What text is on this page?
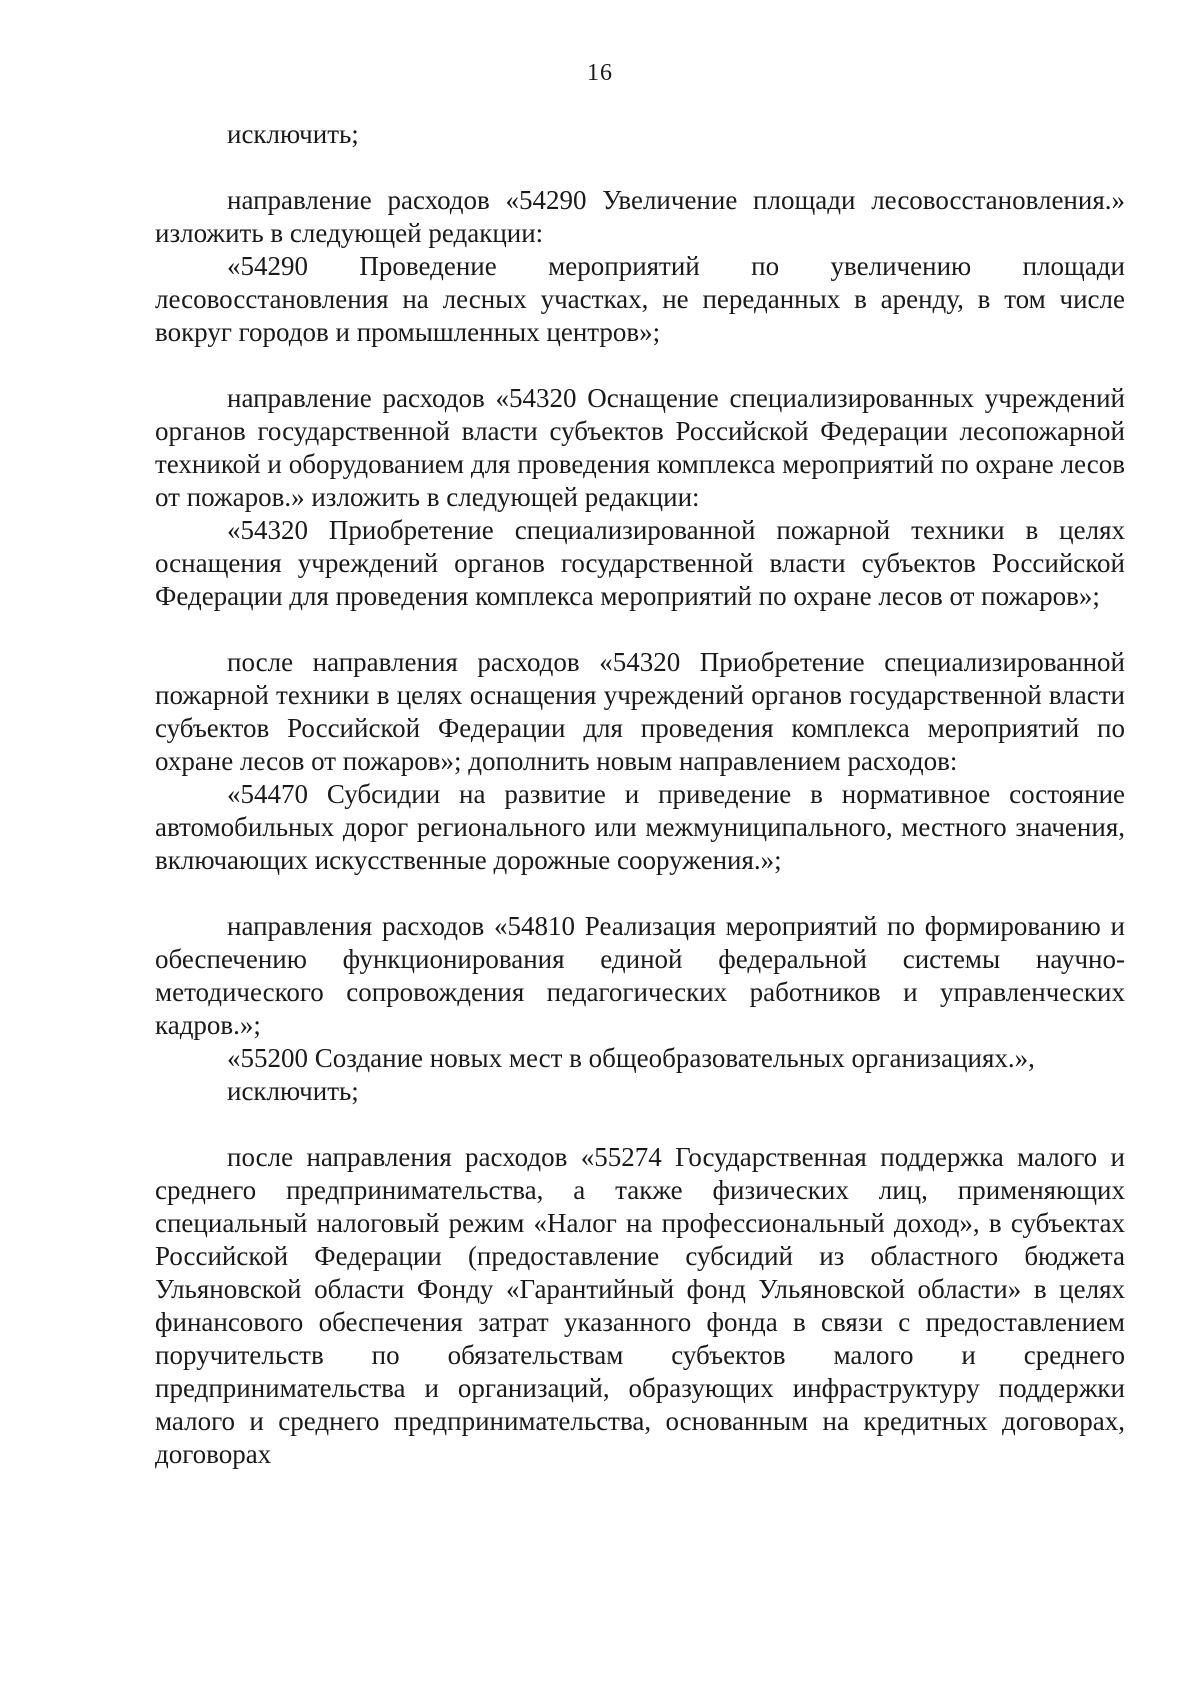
16

исключить;

направление расходов «54290 Увеличение площади лесовосстановления.» изложить в следующей редакции:

«54290 Проведение мероприятий по увеличению площади лесовосстановления на лесных участках, не переданных в аренду, в том числе вокруг городов и промышленных центров»;

направление расходов «54320 Оснащение специализированных учреждений органов государственной власти субъектов Российской Федерации лесопожарной техникой и оборудованием для проведения комплекса мероприятий по охране лесов от пожаров.» изложить в следующей редакции:

«54320 Приобретение специализированной пожарной техники в целях оснащения учреждений органов государственной власти субъектов Российской Федерации для проведения комплекса мероприятий по охране лесов от пожаров»;

после направления расходов «54320 Приобретение специализированной пожарной техники в целях оснащения учреждений органов государственной власти субъектов Российской Федерации для проведения комплекса мероприятий по охране лесов от пожаров»; дополнить новым направлением расходов:

«54470 Субсидии на развитие и приведение в нормативное состояние автомобильных дорог регионального или межмуниципального, местного значения, включающих искусственные дорожные сооружения.»;

направления расходов «54810 Реализация мероприятий по формированию и обеспечению функционирования единой федеральной системы научно-методического сопровождения педагогических работников и управленческих кадров.»;

«55200 Создание новых мест в общеобразовательных организациях.»,

исключить;

после направления расходов «55274 Государственная поддержка малого и среднего предпринимательства, а также физических лиц, применяющих специальный налоговый режим «Налог на профессиональный доход», в субъектах Российской Федерации (предоставление субсидий из областного бюджета Ульяновской области Фонду «Гарантийный фонд Ульяновской области» в целях финансового обеспечения затрат указанного фонда в связи с предоставлением поручительств по обязательствам субъектов малого и среднего предпринимательства и организаций, образующих инфраструктуру поддержки малого и среднего предпринимательства, основанным на кредитных договорах, договорах
